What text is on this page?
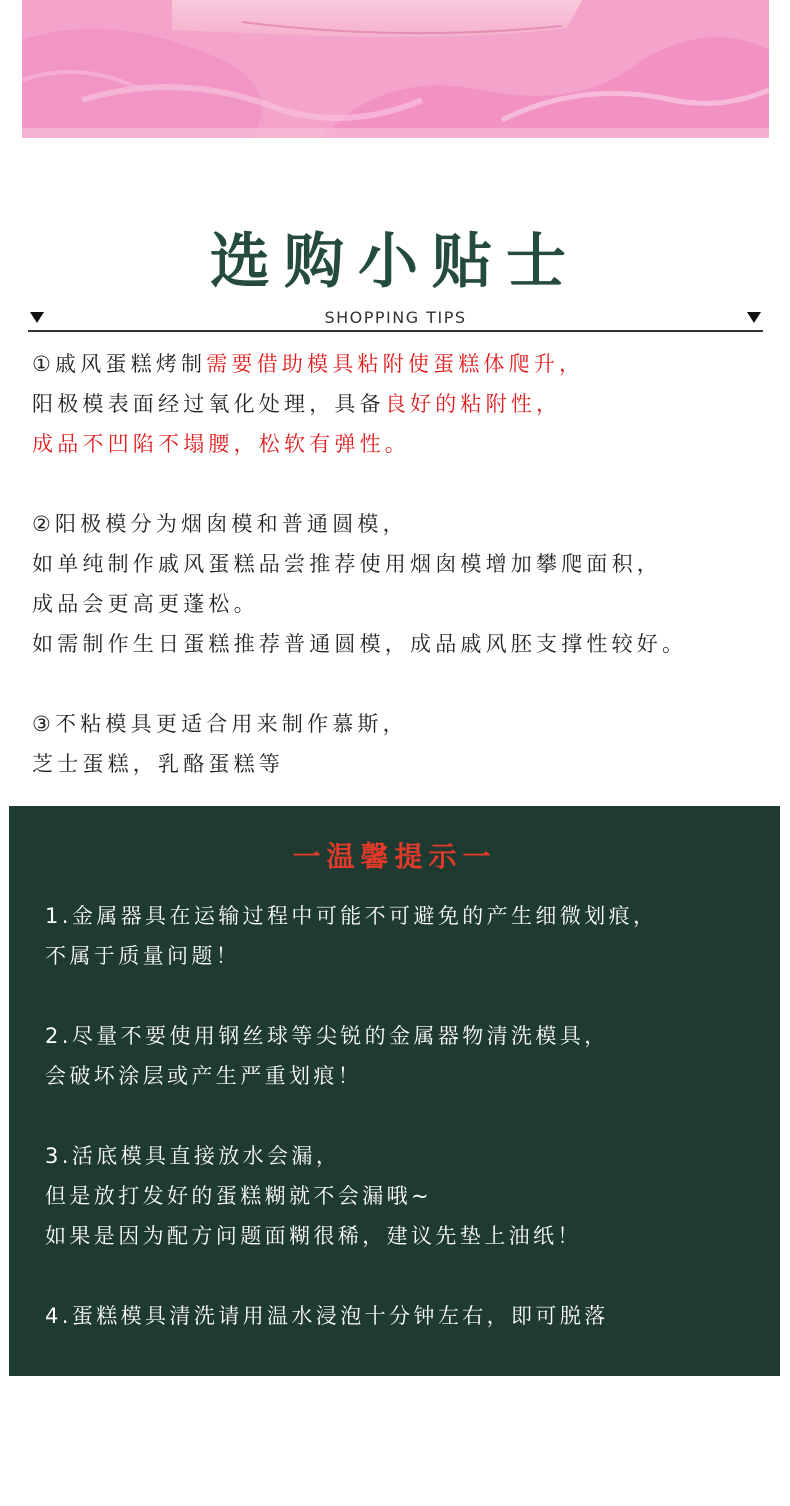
选购小贴士
SHOPPING TIPS
①戚风蛋糕烤制需要借助模具粘附使蛋糕体爬升，
阳极模表面经过氧化处理，具备良好的粘附性，
成品不凹陷不塌腰，松软有弹性。
②阳极模分为烟囱模和普通圆模，
如单纯制作戚风蛋糕品尝推荐使用烟囱模增加攀爬面积，
成品会更高更蓬松。
如需制作生日蛋糕推荐普通圆模，成品戚风胚支撑性较好。
③不粘模具更适合用来制作慕斯，
芝士蛋糕，乳酪蛋糕等
一温馨提示一
1.金属器具在运输过程中可能不可避免的产生细微划痕，
不属于质量问题！
2.尽量不要使用钢丝球等尖锐的金属器物清洗模具，
会破坏涂层或产生严重划痕！
3.活底模具直接放水会漏，
但是放打发好的蛋糕糊就不会漏哦~
如果是因为配方问题面糊很稀，建议先垫上油纸！
4.蛋糕模具清洗请用温水浸泡十分钟左右，即可脱落
